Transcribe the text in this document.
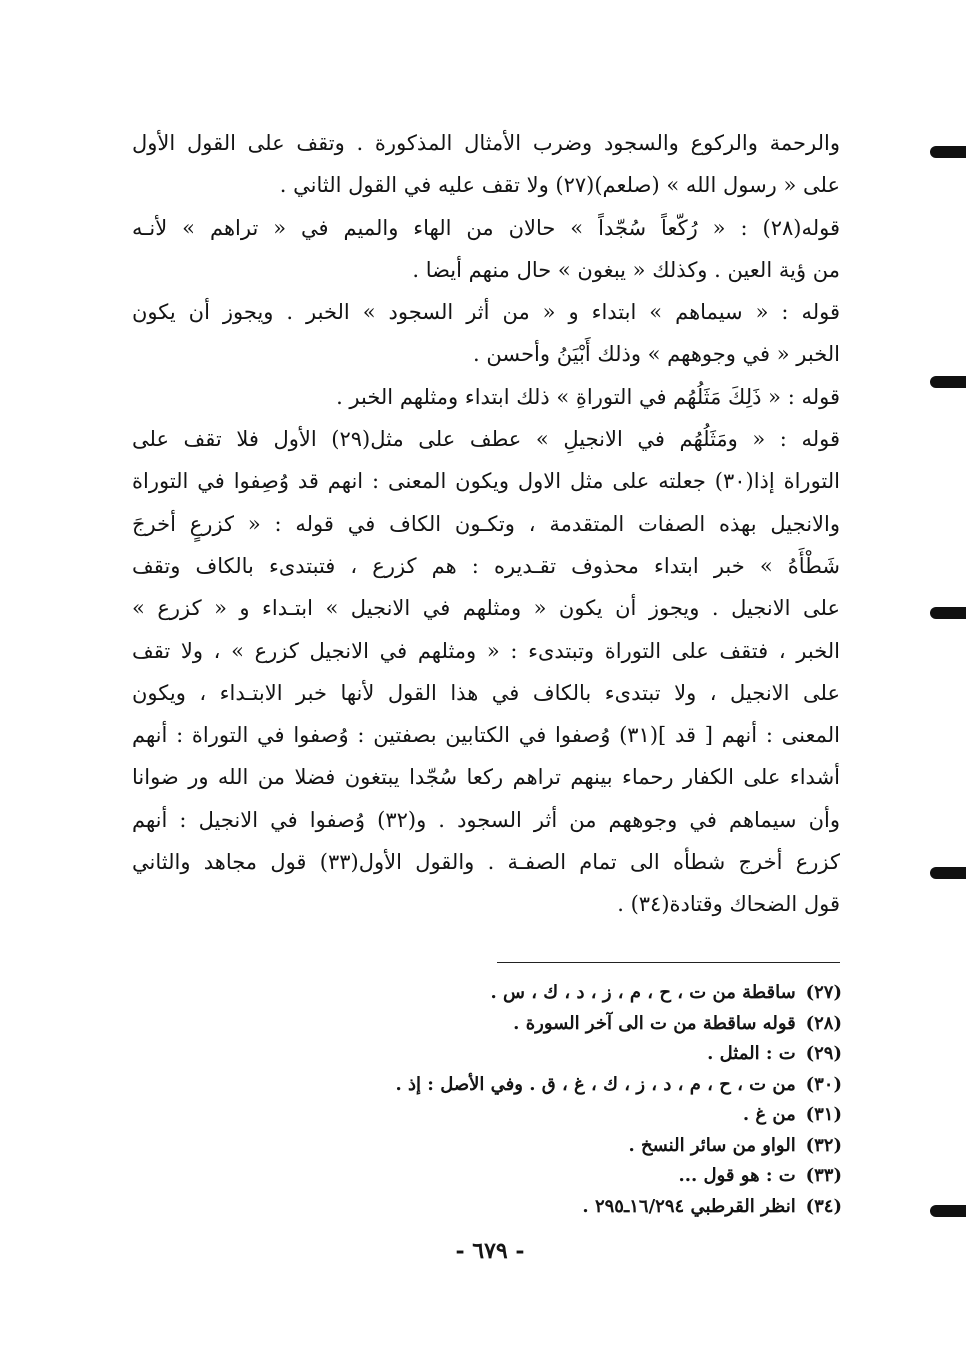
والرحمة والركوع والسجود وضرب الأمثال المذكورة . وتقف على القول الأول
على « رسول الله » (صلعم)(٢٧) ولا تقف عليه في القول الثاني .
قوله(٢٨) : « رُكّعاً سُجّداً » حالان من الهاء والميم في « تراهم » لأنـه
من ؤية العين . وكذلك « يبغون » حال منهم أيضا .
قوله : « سيماهم » ابتداء و « من أثر السجود » الخبر . ويجوز أن يكون
الخبر « في وجوههم » وذلك أَبْيَنُ وأحسن .
قوله : « ذَلِكَ مَثَلُهُم في التوراةِ » ذلك ابتداء ومثلهم الخبر .
قوله : « ومَثَلُهُم في الانجيلِ » عطف على مثل(٢٩) الأول فلا تقف على
التوراة إذا(٣٠) جعلته على مثل الاول ويكون المعنى : انهم قد وُصِفوا في التوراة
والانجيل بهذه الصفات المتقدمة ، وتكـون الكاف في قوله : « كزرعٍ أخرجَ
شَطْأَهُ » خبر ابتداء محذوف تقـديره : هم كزرع ، فتبتدىء بالكاف وتقف
على الانجيل . ويجوز أن يكون « ومثلهم في الانجيل » ابتـداء و « كزرع »
الخبر ، فتقف على التوراة وتبتدىء : « ومثلهم في الانجيل كزرع » ، ولا تقف
على الانجيل ، ولا تبتدىء بالكاف في هذا القول لأنها خبر الابتـداء ، ويكون
المعنى : أنهم [ قد ](٣١) وُصفوا في الكتابين بصفتين : وُصفوا في التوراة : أنهم
أشداء على الكفار رحماء بينهم تراهم ركعا سُجّدا يبتغون فضلا من الله ور ضوانا
وأن سيماهم في وجوههم من أثر السجود . و(٣٢) وُصفوا في الانجيل : أنهم
كزرع أخرج شطأه الى تمام الصفـة . والقول الأول(٣٣) قول مجاهد والثاني
قول الضحاك وقتادة(٣٤) .
(٢٧) ساقطة من ت ، ح ، م ، ز ، د ، ك ، س .
(٢٨) قوله ساقطة من ت الى آخر السورة .
(٢٩) ت : المثل .
(٣٠) من ت ، ح ، م ، د ، ز ، ك ، غ ، ق . وفي الأصل : إذ .
(٣١) من غ .
(٣٢) الواو من سائر النسخ .
(٣٣) ت : هو قول ...
(٣٤) انظر القرطبي ١٦/٢٩٤ـ٢٩٥ .
- ٦٧٩ -
